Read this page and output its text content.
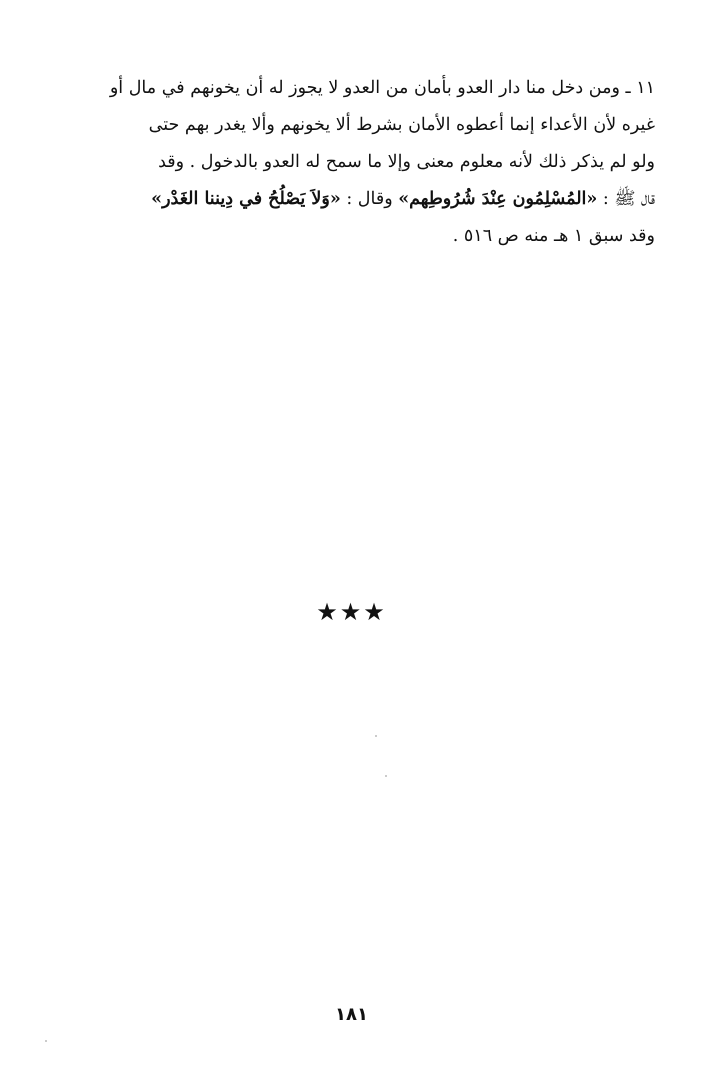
١١ ـ ومن دخل منا دار العدو بأمان من العدو لا يجوز له أن يخونهم في مال أو
غيره لأن الأعداء إنما أعطوه الأمان بشرط ألا يخونهم وألا يغدر بهم حتى
ولو لم يذكر ذلك لأنه معلوم معنى وإلا ما سمح له العدو بالدخول . وقد
قال ﷺ : «المُسْلِمُون عِنْدَ شُرُوطِهم» وقال : «وَلاَ يَصْلُحُ في دِيننا الغَدْر»
وقد سبق ١ هـ منه ص ٥١٦ .
★★★
١٨١
